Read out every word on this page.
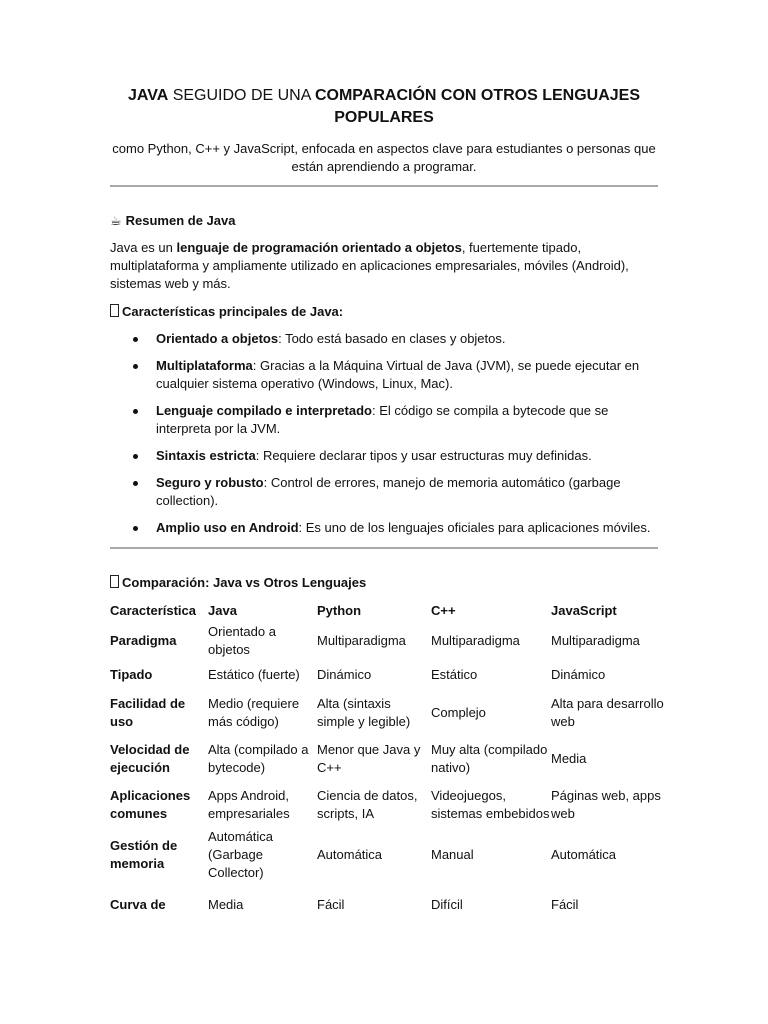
JAVA SEGUIDO DE UNA COMPARACIÓN CON OTROS LENGUAJES POPULARES
como Python, C++ y JavaScript, enfocada en aspectos clave para estudiantes o personas que están aprendiendo a programar.
☕ Resumen de Java
Java es un lenguaje de programación orientado a objetos, fuertemente tipado, multiplataforma y ampliamente utilizado en aplicaciones empresariales, móviles (Android), sistemas web y más.
Características principales de Java:
Orientado a objetos: Todo está basado en clases y objetos.
Multiplataforma: Gracias a la Máquina Virtual de Java (JVM), se puede ejecutar en cualquier sistema operativo (Windows, Linux, Mac).
Lenguaje compilado e interpretado: El código se compila a bytecode que se interpreta por la JVM.
Sintaxis estricta: Requiere declarar tipos y usar estructuras muy definidas.
Seguro y robusto: Control de errores, manejo de memoria automático (garbage collection).
Amplio uso en Android: Es uno de los lenguajes oficiales para aplicaciones móviles.
Comparación: Java vs Otros Lenguajes
Característica	Java	Python	C++	JavaScript
Paradigma	Orientado a objetos	Multiparadigma	Multiparadigma	Multiparadigma
Tipado	Estático (fuerte)	Dinámico	Estático	Dinámico
Facilidad de uso	Medio (requiere más código)	Alta (sintaxis simple y legible)	Complejo	Alta para desarrollo web
Velocidad de ejecución	Alta (compilado a bytecode)	Menor que Java y C++	Muy alta (compilado nativo)	Media
Aplicaciones comunes	Apps Android, empresariales	Ciencia de datos, scripts, IA	Videojuegos, sistemas embebidos	Páginas web, apps web
Gestión de memoria	Automática (Garbage Collector)	Automática	Manual	Automática
Curva de	Media	Fácil	Difícil	Fácil
